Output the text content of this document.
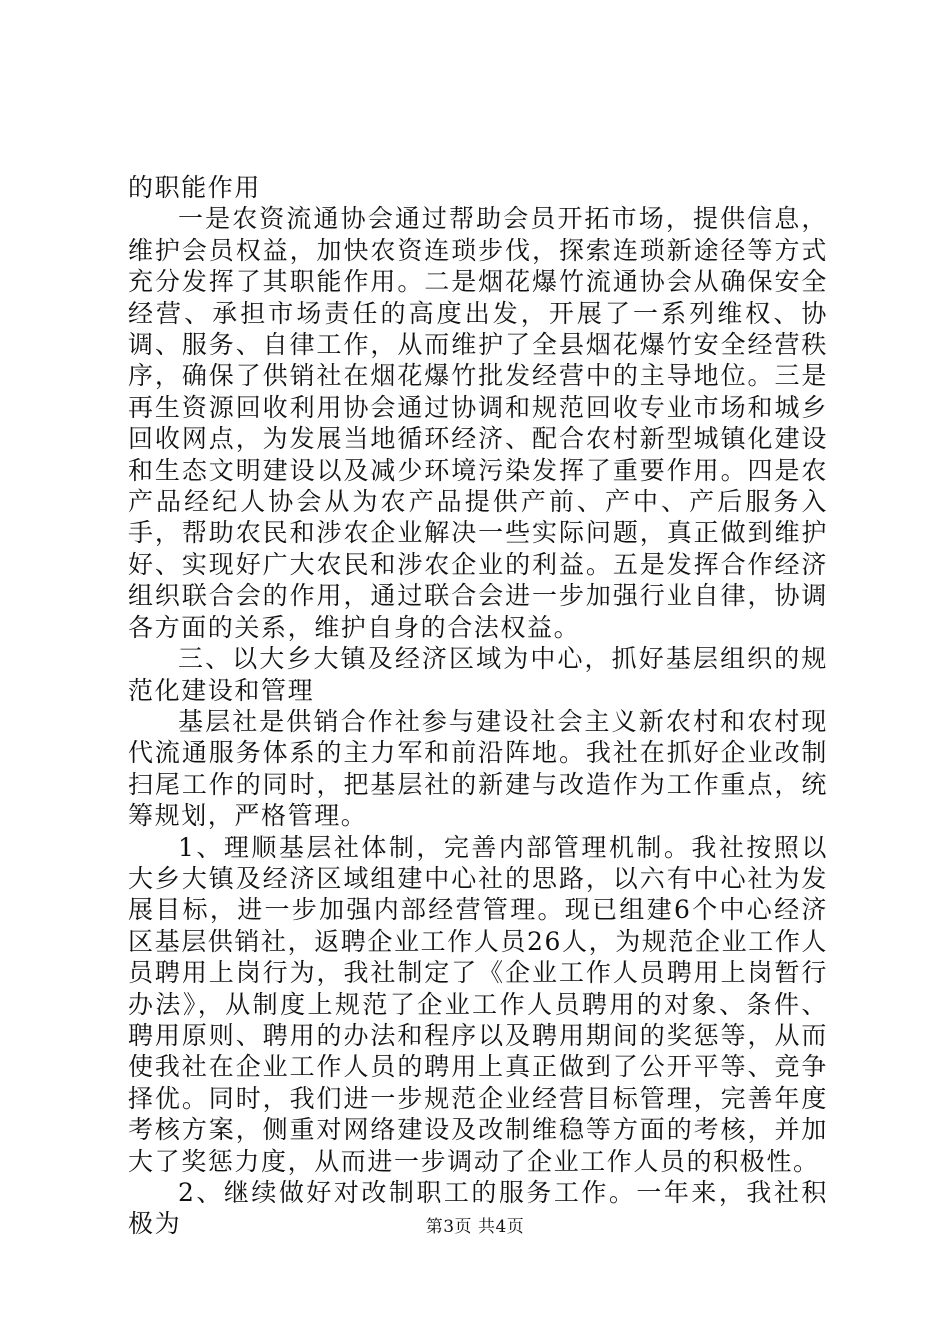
的职能作用

一是农资流通协会通过帮助会员开拓市场，提供信息，维护会员权益，加快农资连琐步伐，探索连琐新途径等方式充分发挥了其职能作用。二是烟花爆竹流通协会从确保安全经营、承担市场责任的高度出发，开展了一系列维权、协调、服务、自律工作，从而维护了全县烟花爆竹安全经营秩序，确保了供销社在烟花爆竹批发经营中的主导地位。三是再生资源回收利用协会通过协调和规范回收专业市场和城乡回收网点，为发展当地循环经济、配合农村新型城镇化建设和生态文明建设以及减少环境污染发挥了重要作用。四是农产品经纪人协会从为农产品提供产前、产中、产后服务入手，帮助农民和涉农企业解决一些实际问题，真正做到维护好、实现好广大农民和涉农企业的利益。五是发挥合作经济组织联合会的作用，通过联合会进一步加强行业自律，协调各方面的关系，维护自身的合法权益。

三、以大乡大镇及经济区域为中心，抓好基层组织的规范化建设和管理

基层社是供销合作社参与建设社会主义新农村和农村现代流通服务体系的主力军和前沿阵地。我社在抓好企业改制扫尾工作的同时，把基层社的新建与改造作为工作重点，统筹规划，严格管理。

1、理顺基层社体制，完善内部管理机制。我社按照以大乡大镇及经济区域组建中心社的思路，以六有中心社为发展目标，进一步加强内部经营管理。现已组建6个中心经济区基层供销社，返聘企业工作人员26人，为规范企业工作人员聘用上岗行为，我社制定了《企业工作人员聘用上岗暂行办法》，从制度上规范了企业工作人员聘用的对象、条件、聘用原则、聘用的办法和程序以及聘用期间的奖惩等，从而使我社在企业工作人员的聘用上真正做到了公开平等、竞争择优。同时，我们进一步规范企业经营目标管理，完善年度考核方案，侧重对网络建设及改制维稳等方面的考核，并加大了奖惩力度，从而进一步调动了企业工作人员的积极性。

2、继续做好对改制职工的服务工作。一年来，我社积极为	第3页 共4页
